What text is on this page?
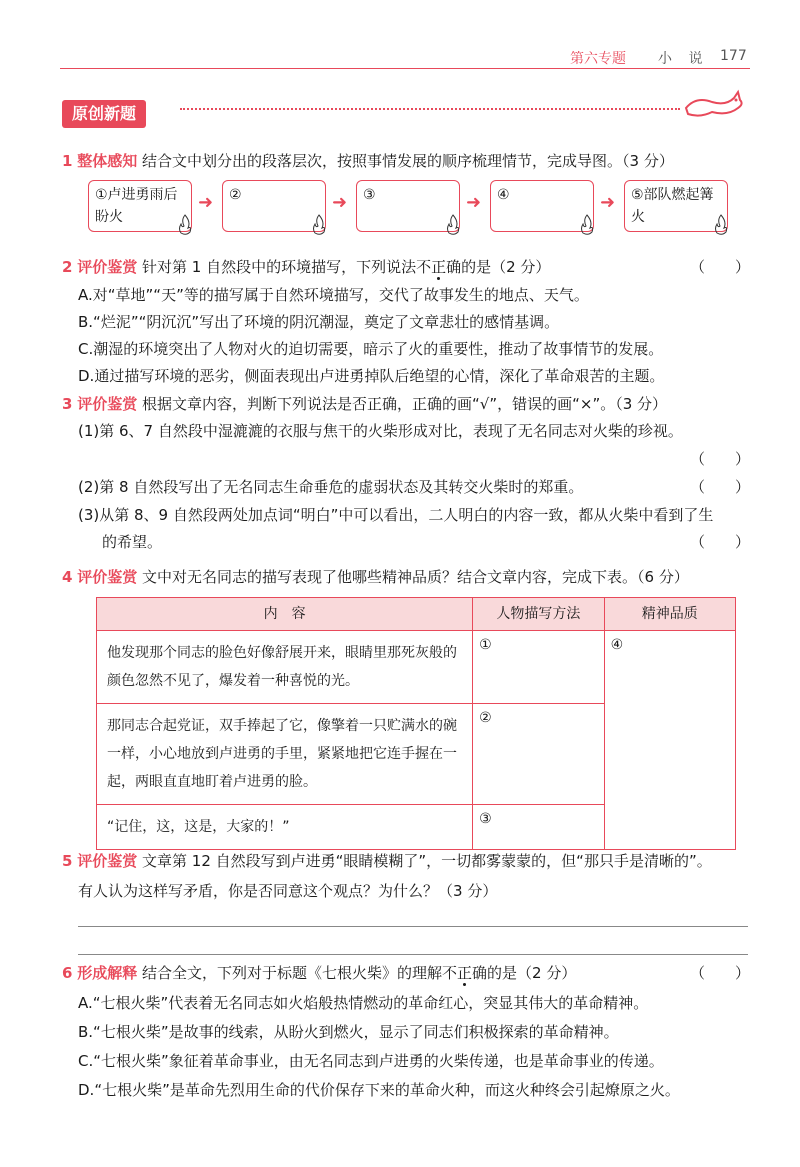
第六专题 小 说 177
原创新题
1 整体感知 结合文中划分出的段落层次，按照事情发展的顺序梳理情节，完成导图。（3 分）
①卢进勇雨后盼火
➜	②	➜	③	➜	④	➜	⑤部队燃起篝火
2 评价鉴赏 针对第 1 自然段中的环境描写，下列说法不正确的是（2 分）	（　　）
A.对“草地”“天”等的描写属于自然环境描写，交代了故事发生的地点、天气。
B.“烂泥”“阴沉沉”写出了环境的阴沉潮湿，奠定了文章悲壮的感情基调。
C.潮湿的环境突出了人物对火的迫切需要，暗示了火的重要性，推动了故事情节的发展。
D.通过描写环境的恶劣，侧面表现出卢进勇掉队后绝望的心情，深化了革命艰苦的主题。
3 评价鉴赏 根据文章内容，判断下列说法是否正确，正确的画“√”，错误的画“×”。（3 分）
(1)第 6、7 自然段中湿漉漉的衣服与焦干的火柴形成对比，表现了无名同志对火柴的珍视。
（　　）
(2)第 8 自然段写出了无名同志生命垂危的虚弱状态及其转交火柴时的郑重。	（　　）
(3)从第 8、9 自然段两处加点词“明白”中可以看出，二人明白的内容一致，都从火柴中看到了生
的希望。	（　　）
4 评价鉴赏 文中对无名同志的描写表现了他哪些精神品质？结合文章内容，完成下表。（6 分）
内　容	人物描写方法	精神品质
他发现那个同志的脸色好像舒展开来，眼睛里那死灰般的颜色忽然不见了，爆发着一种喜悦的光。	①	④
那同志合起党证，双手捧起了它，像擎着一只贮满水的碗一样，小心地放到卢进勇的手里，紧紧地把它连手握在一起，两眼直直地盯着卢进勇的脸。	②	
“记住，这，这是，大家的！”	③	
5 评价鉴赏 文章第 12 自然段写到卢进勇“眼睛模糊了”，一切都雾蒙蒙的，但“那只手是清晰的”。
有人认为这样写矛盾，你是否同意这个观点？为什么？（3 分）
6 形成解释 结合全文，下列对于标题《七根火柴》的理解不正确的是（2 分）	（　　）
A.“七根火柴”代表着无名同志如火焰般热情燃动的革命红心，突显其伟大的革命精神。
B.“七根火柴”是故事的线索，从盼火到燃火，显示了同志们积极探索的革命精神。
C.“七根火柴”象征着革命事业，由无名同志到卢进勇的火柴传递，也是革命事业的传递。
D.“七根火柴”是革命先烈用生命的代价保存下来的革命火种，而这火种终会引起燎原之火。
